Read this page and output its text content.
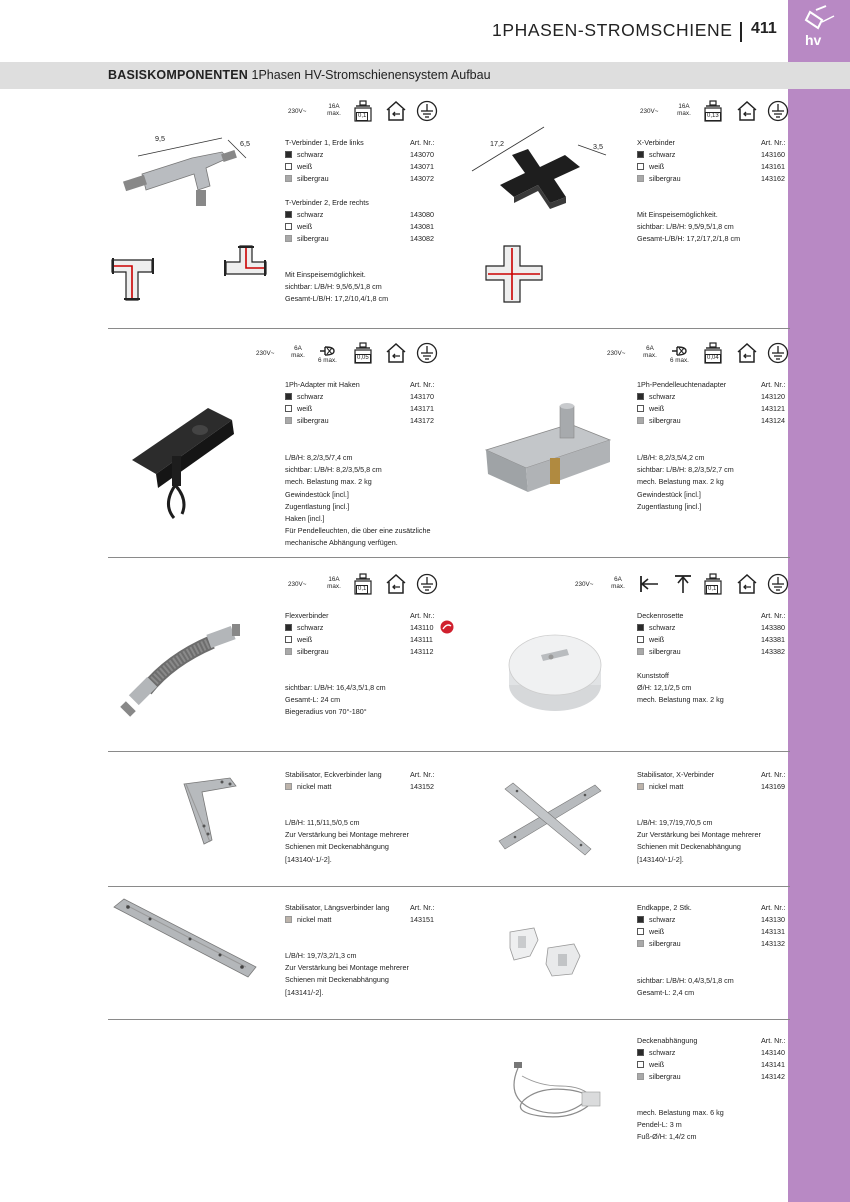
1PHASEN-STROMSCHIENE 411
hv
BASISKOMPONENTEN 1Phasen HV-Stromschienensystem Aufbau
230V~
16A
max.	0,1
230V~
16A
max.	0,13
9,5
6,5	T-Verbinder 1, Erde links	Art. Nr.:
schwarz	143070
weiß	143071
silbergrau	143072
T-Verbinder 2, Erde rechts
schwarz	143080
weiß	143081
silbergrau	143082
Mit Einspeisemöglichkeit.
sichtbar: L/B/H: 9,5/6,5/1,8 cm
Gesamt-L/B/H: 17,2/10,4/1,8 cm
17,2	3,5	X-Verbinder	Art. Nr.:
schwarz	143160
weiß	143161
silbergrau	143162
Mit Einspeisemöglichkeit.
sichtbar: L/B/H: 9,5/9,5/1,8 cm
Gesamt-L/B/H: 17,2/17,2/1,8 cm
230V~
6A
max.
6 max.	0,05
230V~
6A
max.
6 max.	0,04
1Ph-Adapter mit Haken	Art. Nr.:
schwarz	143170
weiß	143171
silbergrau	143172
L/B/H: 8,2/3,5/7,4 cm
sichtbar: L/B/H: 8,2/3,5/5,8 cm
mech. Belastung max. 2 kg
Gewindestück [incl.]
Zugentlastung [incl.]
Haken [incl.]
Für Pendelleuchten, die über eine zusätzliche
mechanische Abhängung verfügen.
1Ph-Pendelleuchtenadapter	Art. Nr.:
schwarz	143120
weiß	143121
silbergrau	143124
L/B/H: 8,2/3,5/4,2 cm
sichtbar: L/B/H: 8,2/3,5/2,7 cm
mech. Belastung max. 2 kg
Gewindestück [incl.]
Zugentlastung [incl.]
230V~
16A
max.	0,1
230V~
6A
max.	0,1
Flexverbinder	Art. Nr.:
schwarz	143110
weiß	143111
silbergrau	143112
sichtbar: L/B/H: 16,4/3,5/1,8 cm
Gesamt-L: 24 cm
Biegeradius von 70°-180°
Deckenrosette	Art. Nr.:
schwarz	143380
weiß	143381
silbergrau	143382
Kunststoff
Ø/H: 12,1/2,5 cm
mech. Belastung max. 2 kg
Stabilisator, Eckverbinder lang	Art. Nr.:
nickel matt	143152
L/B/H: 11,5/11,5/0,5 cm
Zur Verstärkung bei Montage mehrerer
Schienen mit Deckenabhängung
[143140/-1/-2].
Stabilisator, X-Verbinder	Art. Nr.:
nickel matt	143169
L/B/H: 19,7/19,7/0,5 cm
Zur Verstärkung bei Montage mehrerer
Schienen mit Deckenabhängung
[143140/-1/-2].
Stabilisator, Längsverbinder lang	Art. Nr.:
nickel matt	143151
L/B/H: 19,7/3,2/1,3 cm
Zur Verstärkung bei Montage mehrerer
Schienen mit Deckenabhängung
[143141/-2].
Endkappe, 2 Stk.	Art. Nr.:
schwarz	143130
weiß	143131
silbergrau	143132
sichtbar: L/B/H: 0,4/3,5/1,8 cm
Gesamt-L: 2,4 cm
Deckenabhängung	Art. Nr.:
schwarz	143140
weiß	143141
silbergrau	143142
mech. Belastung max. 6 kg
Pendel-L: 3 m
Fuß-Ø/H: 1,4/2 cm
